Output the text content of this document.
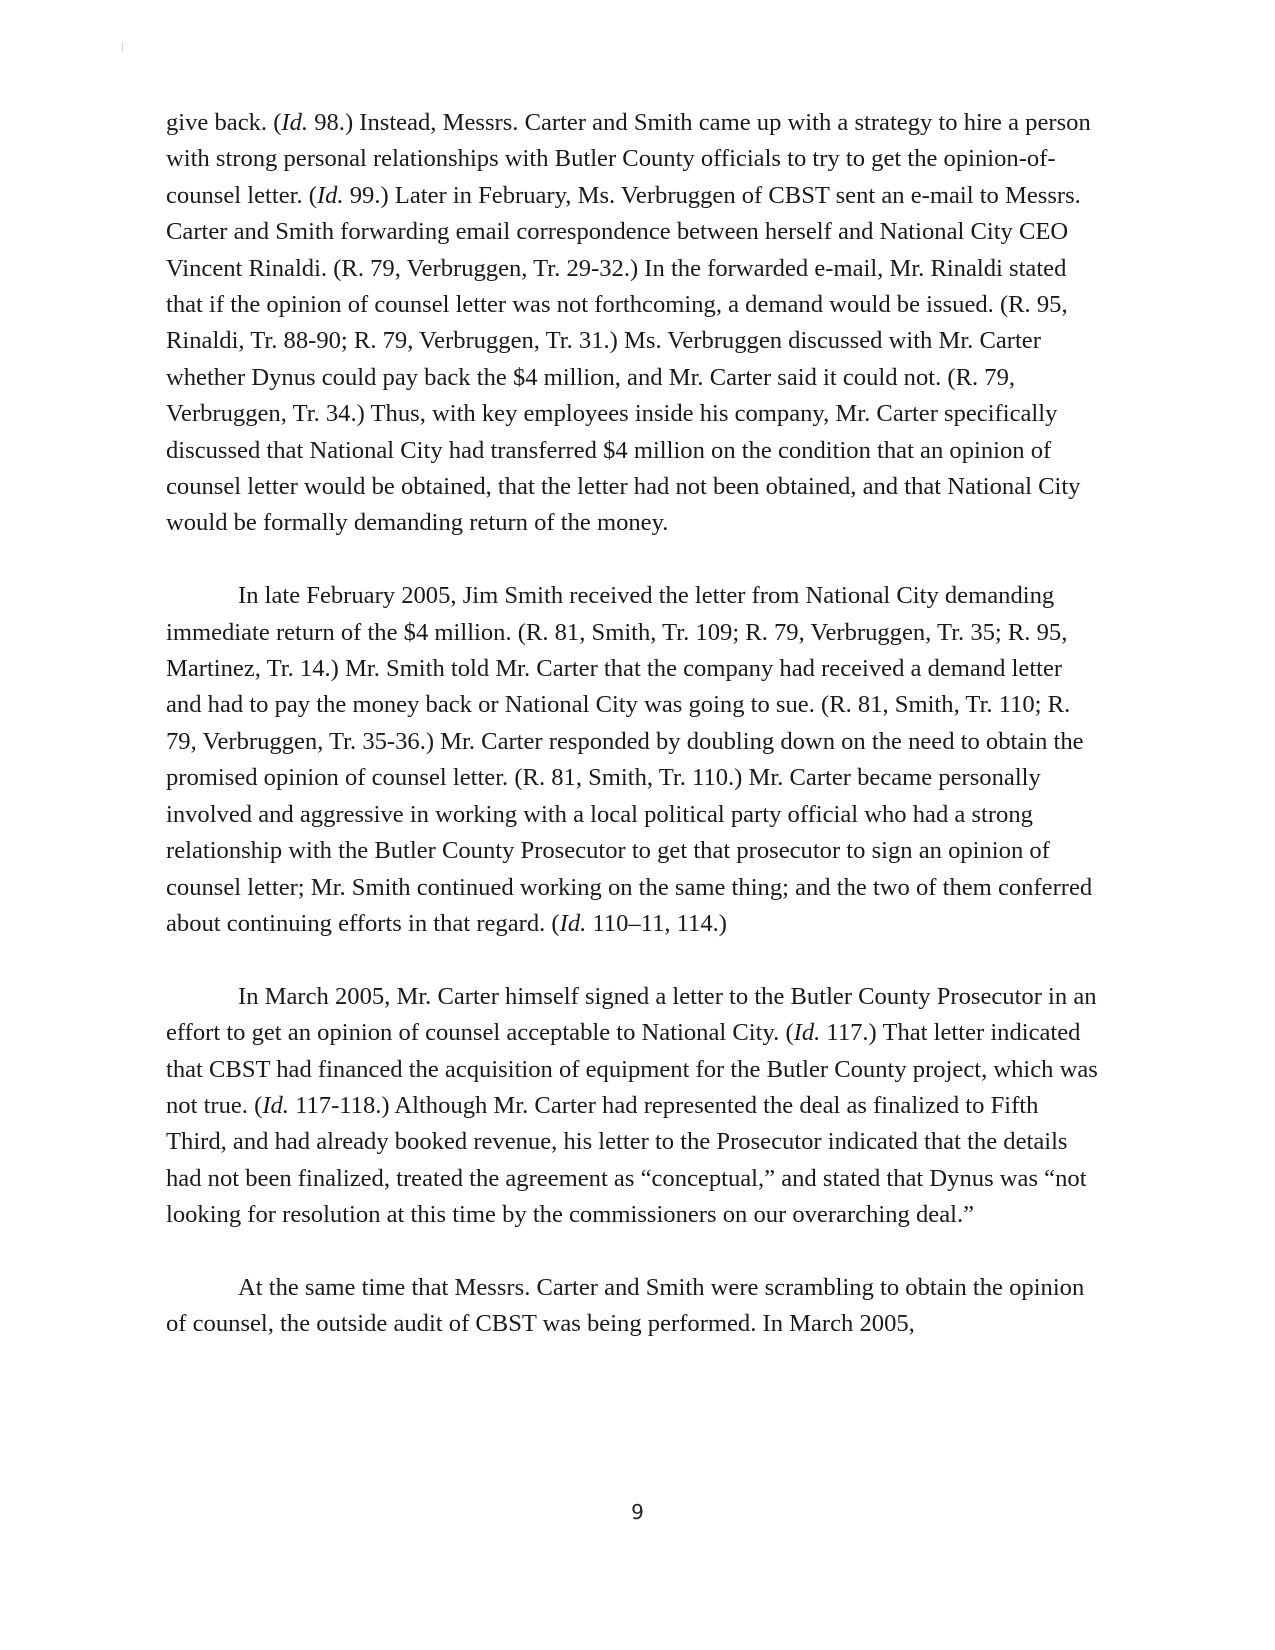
give back. (Id. 98.) Instead, Messrs. Carter and Smith came up with a strategy to hire a person with strong personal relationships with Butler County officials to try to get the opinion-of-counsel letter. (Id. 99.) Later in February, Ms. Verbruggen of CBST sent an e-mail to Messrs. Carter and Smith forwarding email correspondence between herself and National City CEO Vincent Rinaldi. (R. 79, Verbruggen, Tr. 29-32.) In the forwarded e-mail, Mr. Rinaldi stated that if the opinion of counsel letter was not forthcoming, a demand would be issued. (R. 95, Rinaldi, Tr. 88-90; R. 79, Verbruggen, Tr. 31.) Ms. Verbruggen discussed with Mr. Carter whether Dynus could pay back the $4 million, and Mr. Carter said it could not. (R. 79, Verbruggen, Tr. 34.) Thus, with key employees inside his company, Mr. Carter specifically discussed that National City had transferred $4 million on the condition that an opinion of counsel letter would be obtained, that the letter had not been obtained, and that National City would be formally demanding return of the money.

In late February 2005, Jim Smith received the letter from National City demanding immediate return of the $4 million. (R. 81, Smith, Tr. 109; R. 79, Verbruggen, Tr. 35; R. 95, Martinez, Tr. 14.) Mr. Smith told Mr. Carter that the company had received a demand letter and had to pay the money back or National City was going to sue. (R. 81, Smith, Tr. 110; R. 79, Verbruggen, Tr. 35-36.) Mr. Carter responded by doubling down on the need to obtain the promised opinion of counsel letter. (R. 81, Smith, Tr. 110.) Mr. Carter became personally involved and aggressive in working with a local political party official who had a strong relationship with the Butler County Prosecutor to get that prosecutor to sign an opinion of counsel letter; Mr. Smith continued working on the same thing; and the two of them conferred about continuing efforts in that regard. (Id. 110–11, 114.)

In March 2005, Mr. Carter himself signed a letter to the Butler County Prosecutor in an effort to get an opinion of counsel acceptable to National City. (Id. 117.) That letter indicated that CBST had financed the acquisition of equipment for the Butler County project, which was not true. (Id. 117-118.) Although Mr. Carter had represented the deal as finalized to Fifth Third, and had already booked revenue, his letter to the Prosecutor indicated that the details had not been finalized, treated the agreement as “conceptual,” and stated that Dynus was “not looking for resolution at this time by the commissioners on our overarching deal.”

At the same time that Messrs. Carter and Smith were scrambling to obtain the opinion of counsel, the outside audit of CBST was being performed. In March 2005,

9
